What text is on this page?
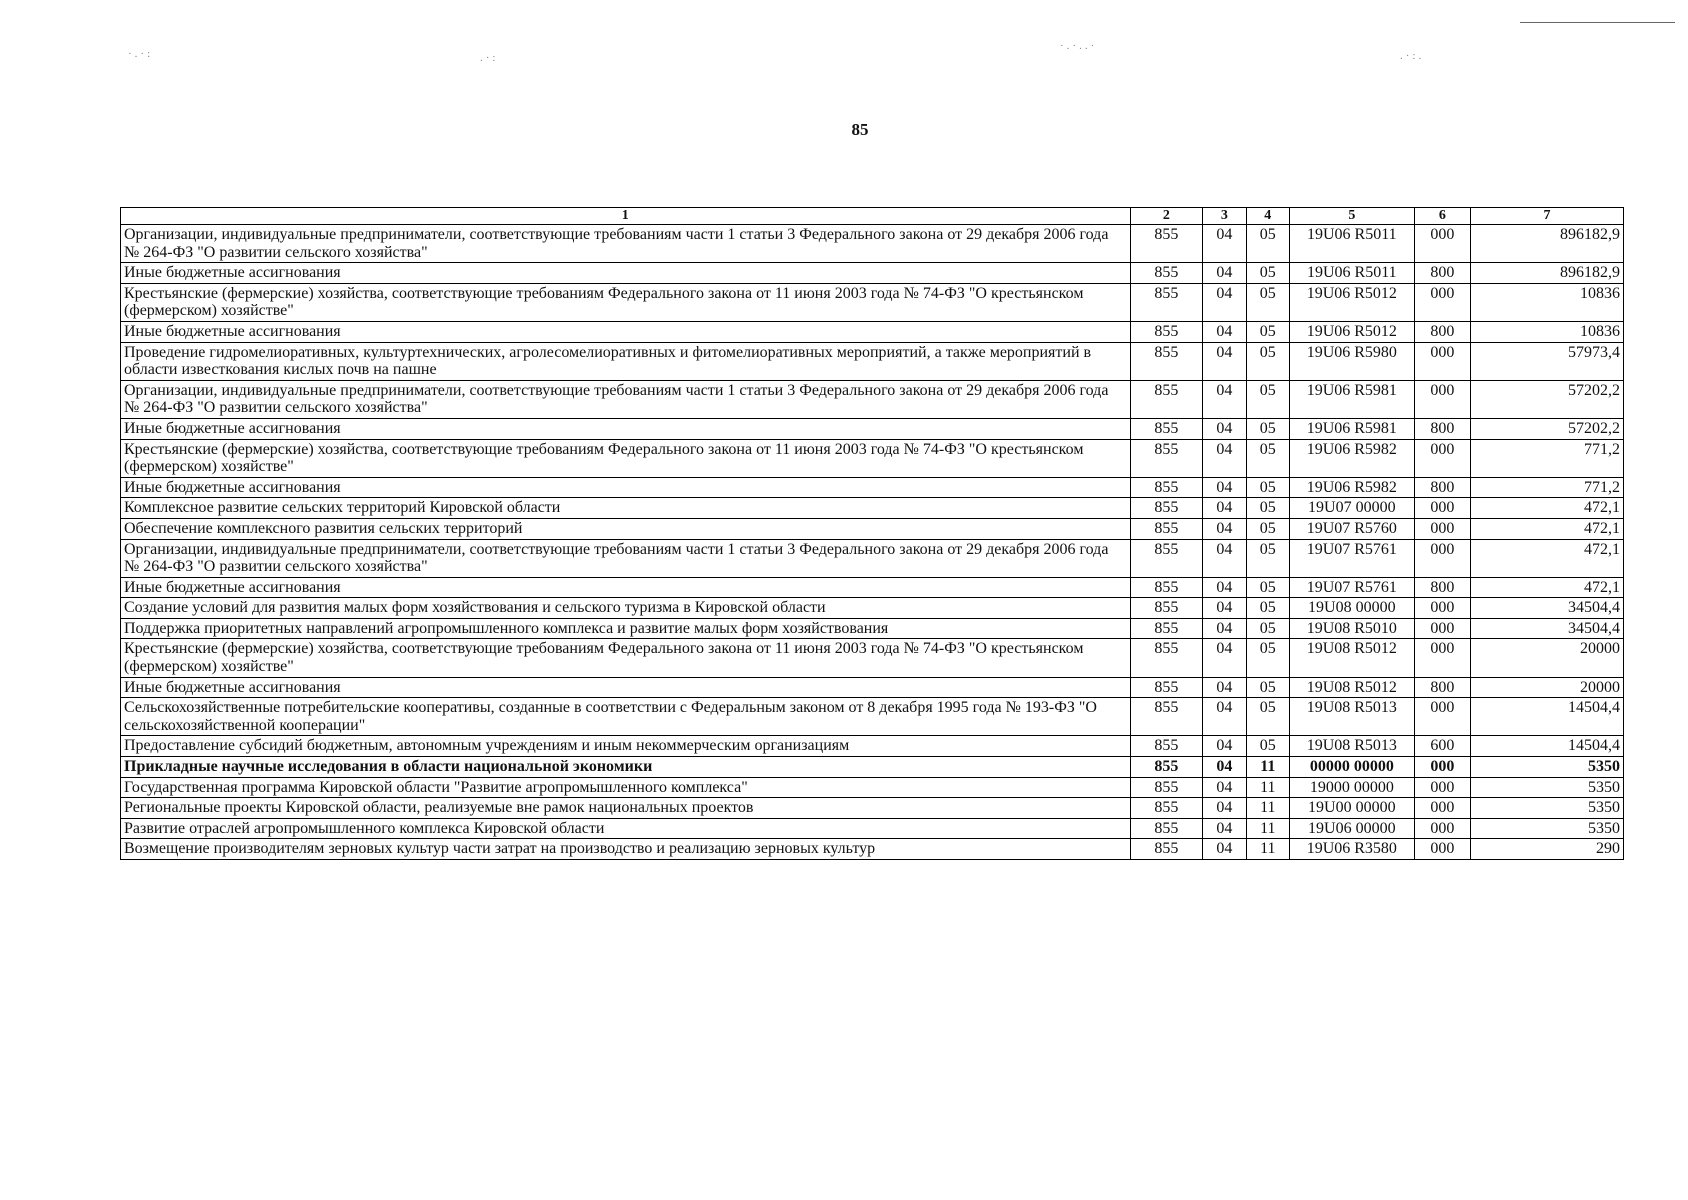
·.·:	.·:
·.·..·
.·:.
85
1	2	3	4	5	6	7
Организации, индивидуальные предприниматели, соответствующие требованиям части 1 статьи 3 Федерального закона от 29 декабря 2006 года № 264-ФЗ "О развитии сельского хозяйства"	855	04	05	19U06 R5011	000	896182,9
Иные бюджетные ассигнования	855	04	05	19U06 R5011	800	896182,9
Крестьянские (фермерские) хозяйства, соответствующие требованиям Федерального закона от 11 июня 2003 года № 74-ФЗ "О крестьянском (фермерском) хозяйстве"	855	04	05	19U06 R5012	000	10836
Иные бюджетные ассигнования	855	04	05	19U06 R5012	800	10836
Проведение гидромелиоративных, культуртехнических, агролесомелиоративных и фитомелиоративных мероприятий, а также мероприятий в области известкования кислых почв на пашне	855	04	05	19U06 R5980	000	57973,4
Организации, индивидуальные предприниматели, соответствующие требованиям части 1 статьи 3 Федерального закона от 29 декабря 2006 года № 264-ФЗ "О развитии сельского хозяйства"	855	04	05	19U06 R5981	000	57202,2
Иные бюджетные ассигнования	855	04	05	19U06 R5981	800	57202,2
Крестьянские (фермерские) хозяйства, соответствующие требованиям Федерального закона от 11 июня 2003 года № 74-ФЗ "О крестьянском (фермерском) хозяйстве"	855	04	05	19U06 R5982	000	771,2
Иные бюджетные ассигнования	855	04	05	19U06 R5982	800	771,2
Комплексное развитие сельских территорий Кировской области	855	04	05	19U07 00000	000	472,1
Обеспечение комплексного развития сельских территорий	855	04	05	19U07 R5760	000	472,1
Организации, индивидуальные предприниматели, соответствующие требованиям части 1 статьи 3 Федерального закона от 29 декабря 2006 года № 264-ФЗ "О развитии сельского хозяйства"	855	04	05	19U07 R5761	000	472,1
Иные бюджетные ассигнования	855	04	05	19U07 R5761	800	472,1
Создание условий для развития малых форм хозяйствования и сельского туризма в Кировской области	855	04	05	19U08 00000	000	34504,4
Поддержка приоритетных направлений агропромышленного комплекса и развитие малых форм хозяйствования	855	04	05	19U08 R5010	000	34504,4
Крестьянские (фермерские) хозяйства, соответствующие требованиям Федерального закона от 11 июня 2003 года № 74-ФЗ "О крестьянском (фермерском) хозяйстве"	855	04	05	19U08 R5012	000	20000
Иные бюджетные ассигнования	855	04	05	19U08 R5012	800	20000
Сельскохозяйственные потребительские кооперативы, созданные в соответствии с Федеральным законом от 8 декабря 1995 года № 193-ФЗ "О сельскохозяйственной кооперации"	855	04	05	19U08 R5013	000	14504,4
Предоставление субсидий бюджетным, автономным учреждениям и иным некоммерческим организациям	855	04	05	19U08 R5013	600	14504,4
Прикладные научные исследования в области национальной экономики	855	04	11	00000 00000	000	5350
Государственная программа Кировской области "Развитие агропромышленного комплекса"	855	04	11	19000 00000	000	5350
Региональные проекты Кировской области, реализуемые вне рамок национальных проектов	855	04	11	19U00 00000	000	5350
Развитие отраслей агропромышленного комплекса Кировской области	855	04	11	19U06 00000	000	5350
Возмещение производителям зерновых культур части затрат на производство и реализацию зерновых культур	855	04	11	19U06 R3580	000	290
